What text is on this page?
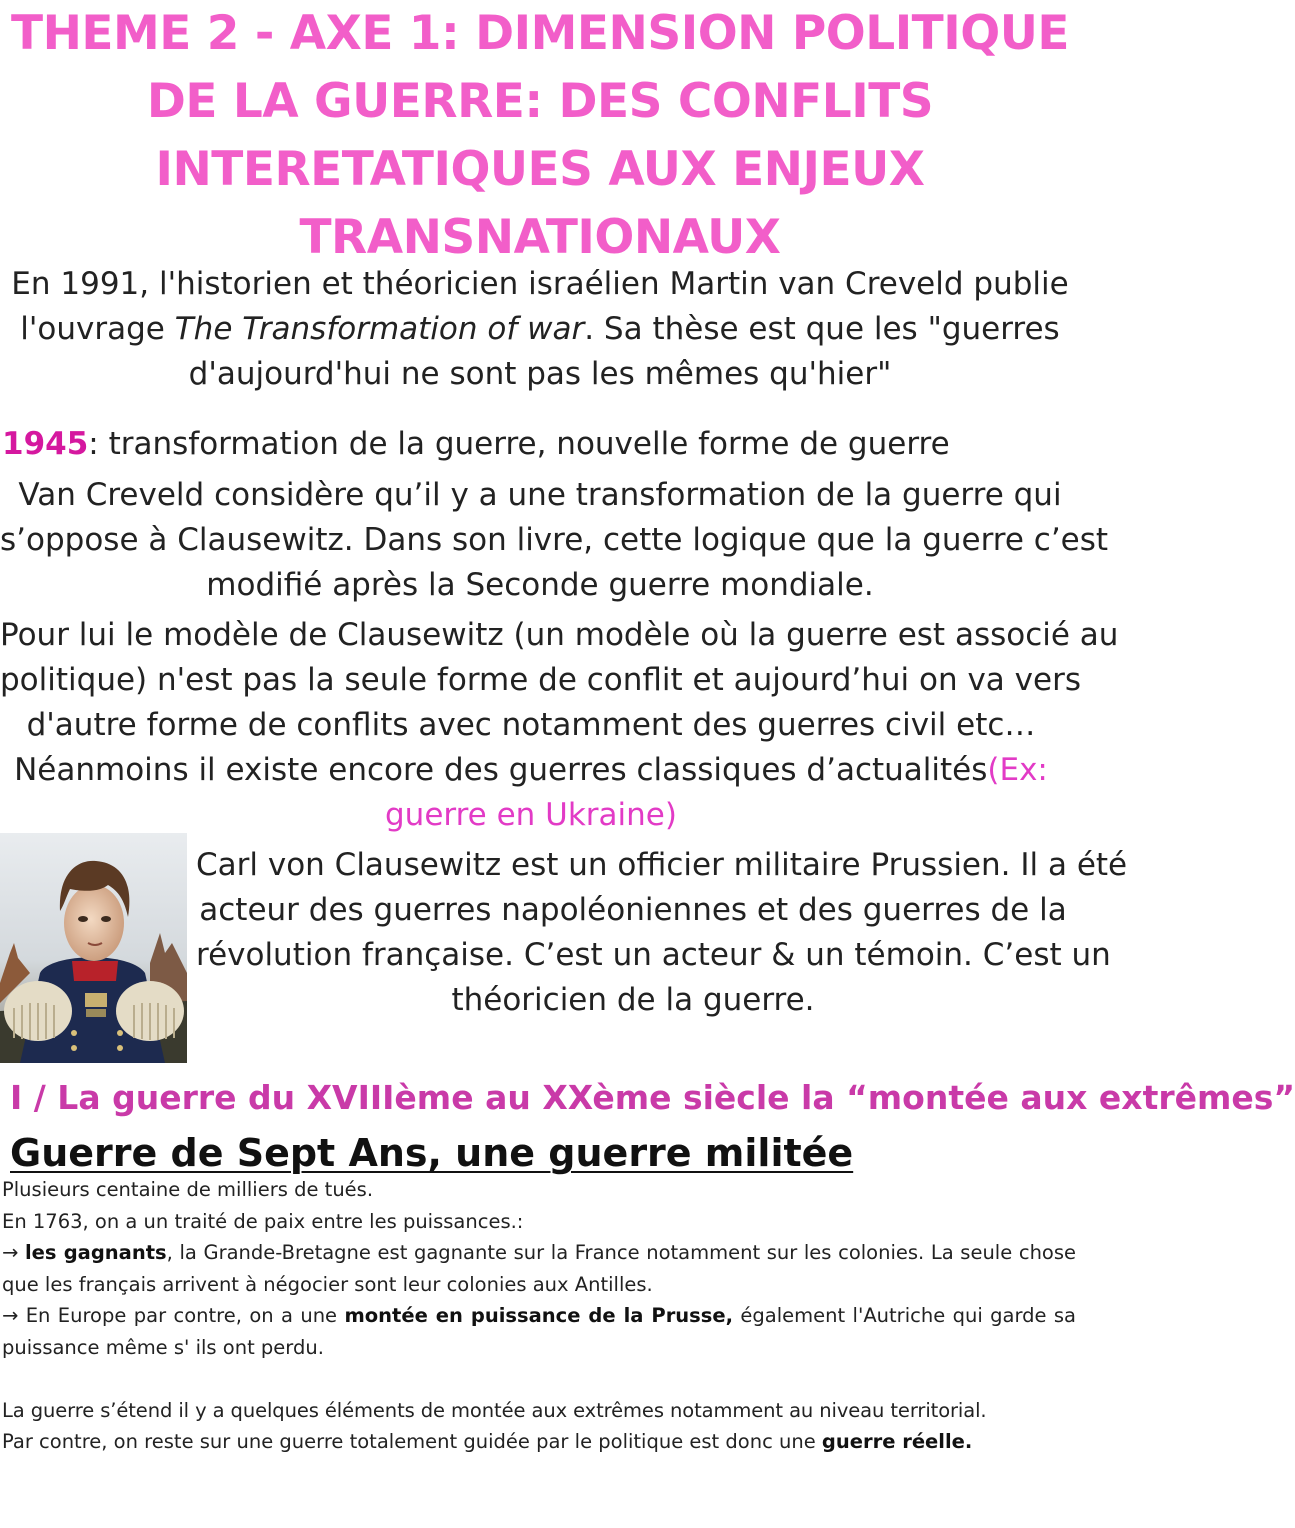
THEME 2 - AXE 1: DIMENSION POLITIQUE
DE LA GUERRE: DES CONFLITS
INTERETATIQUES AUX ENJEUX
TRANSNATIONAUX
En 1991, l'historien et théoricien israélien Martin van Creveld publie
l'ouvrage The Transformation of war. Sa thèse est que les "guerres
d'aujourd'hui ne sont pas les mêmes qu'hier"
1945: transformation de la guerre, nouvelle forme de guerre
Van Creveld considère qu’il y a une transformation de la guerre qui
s’oppose à Clausewitz. Dans son livre, cette logique que la guerre c’est
modifié après la Seconde guerre mondiale.
Pour lui le modèle de Clausewitz (un modèle où la guerre est associé au
politique) n'est pas la seule forme de conflit et aujourd’hui on va vers
d'autre forme de conflits avec notamment des guerres civil etc…
Néanmoins il existe encore des guerres classiques d’actualités(Ex:
guerre en Ukraine)
Carl von Clausewitz est un officier militaire Prussien. Il a été
acteur des guerres napoléoniennes et des guerres de la
révolution française. C’est un acteur & un témoin. C’est un
théoricien de la guerre.
I / La guerre du XVIIIème au XXème siècle la “montée aux extrêmes”
Guerre de Sept Ans, une guerre militée

Plusieurs centaine de milliers de tués.

En 1763, on a un traité de paix entre les puissances.:

→ les gagnants, la Grande-Bretagne est gagnante sur la France notamment sur les colonies. La seule chose que les français arrivent à négocier sont leur colonies aux Antilles.

→ En Europe par contre, on a une montée en puissance de la Prusse, également l'Autriche qui garde sa puissance même s' ils ont perdu.

La guerre s’étend il y a quelques éléments de montée aux extrêmes notamment au niveau territorial.

Par contre, on reste sur une guerre totalement guidée par le politique est donc une guerre réelle.
